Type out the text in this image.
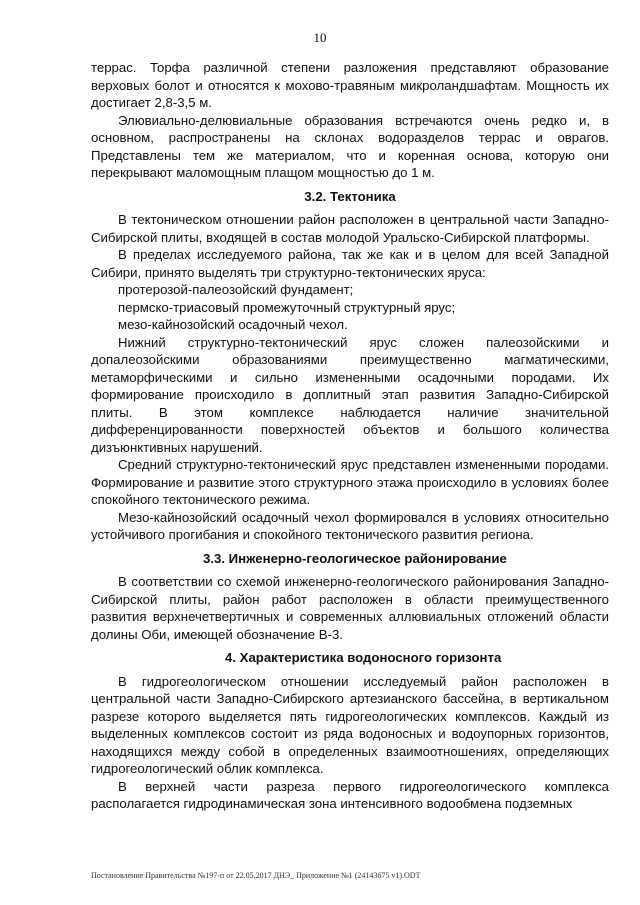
10

террас. Торфа различной степени разложения представляют образование верховых болот и относятся к мохово-травяным микроландшафтам. Мощность их достигает 2,8-3,5 м.

Элювиально-делювиальные образования встречаются очень редко и, в основном, распространены на склонах водоразделов террас и оврагов. Представлены тем же материалом, что и коренная основа, которую они перекрывают маломощным плащом мощностью до 1 м.

3.2. Тектоника

В тектоническом отношении район расположен в центральной части Западно-Сибирской плиты, входящей в состав молодой Уральско-Сибирской платформы.

В пределах исследуемого района, так же как и в целом для всей Западной Сибири, принято выделять три структурно-тектонических яруса:

протерозой-палеозойский фундамент;

пермско-триасовый промежуточный структурный ярус;

мезо-кайнозойский осадочный чехол.

Нижний структурно-тектонический ярус сложен палеозойскими и допалеозойскими образованиями преимущественно магматическими, метаморфическими и сильно измененными осадочными породами. Их формирование происходило в доплитный этап развития Западно-Сибирской плиты. В этом комплексе наблюдается наличие значительной дифференцированности поверхностей объектов и большого количества дизъюнктивных нарушений.

Средний структурно-тектонический ярус представлен измененными породами. Формирование и развитие этого структурного этажа происходило в условиях более спокойного тектонического режима.

Мезо-кайнозойский осадочный чехол формировался в условиях относительно устойчивого прогибания и спокойного тектонического развития региона.

3.3. Инженерно-геологическое районирование

В соответствии со схемой инженерно-геологического районирования Западно-Сибирской плиты, район работ расположен в области преимущественного развития верхнечетвертичных и современных аллювиальных отложений области долины Оби, имеющей обозначение В-3.

4. Характеристика водоносного горизонта

В гидрогеологическом отношении исследуемый район расположен в центральной части Западно-Сибирского артезианского бассейна, в вертикальном разрезе которого выделяется пять гидрогеологических комплексов. Каждый из выделенных комплексов состоит из ряда водоносных и водоупорных горизонтов, находящихся между собой в определенных взаимоотношениях, определяющих гидрогеологический облик комплекса.

В верхней части разреза первого гидрогеологического комплекса располагается гидродинамическая зона интенсивного водообмена подземных

Постановление Правительства №197-п от 22.05.2017 ДНЭ_ Приложение №1 (24143675 v1).ODT
